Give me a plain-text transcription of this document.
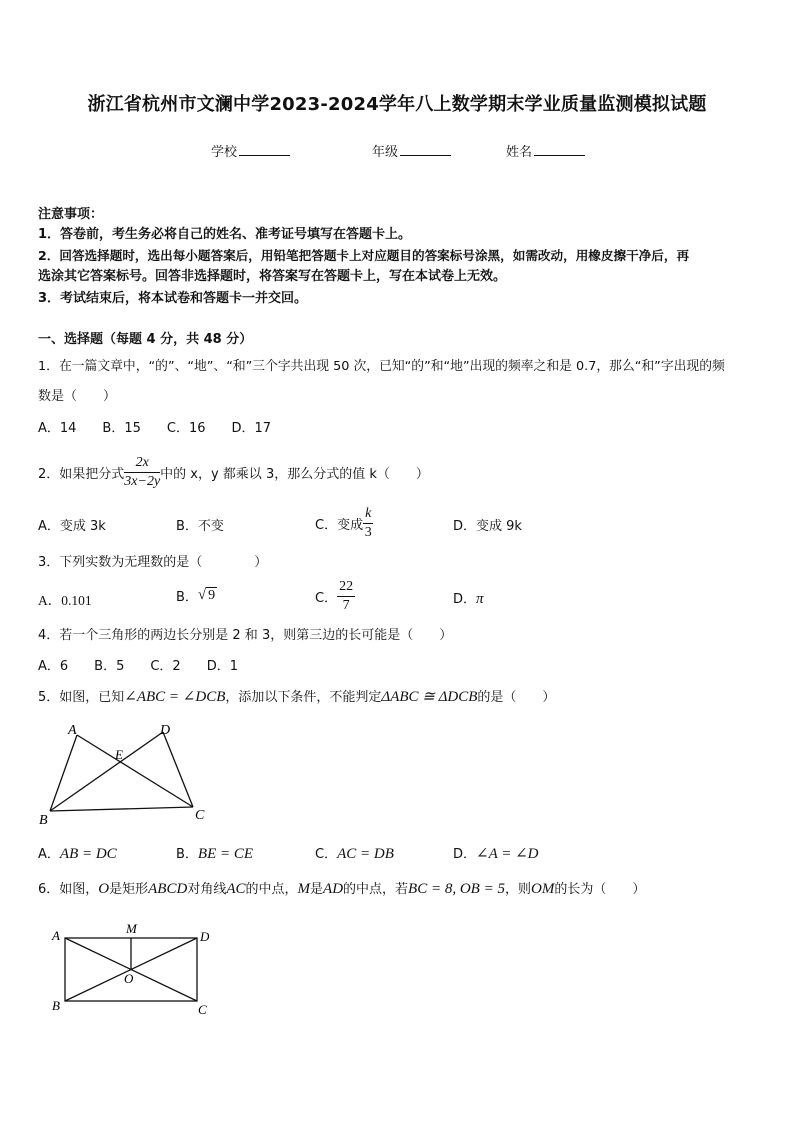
浙江省杭州市文澜中学2023-2024学年八上数学期末学业质量监测模拟试题
学校	年级	姓名
注意事项：
1．答卷前，考生务必将自己的姓名、准考证号填写在答题卡上。
2．回答选择题时，选出每小题答案后，用铅笔把答题卡上对应题目的答案标号涂黑，如需改动，用橡皮擦干净后，再
选涂其它答案标号。回答非选择题时，将答案写在答题卡上，写在本试卷上无效。
3．考试结束后，将本试卷和答题卡一并交回。
一、选择题（每题 4 分，共 48 分）
1．在一篇文章中，“的”、“地”、“和”三个字共出现 50 次，已知“的”和“地”出现的频率之和是 0.7，那么“和”字出现的频
数是（　　）
A．14　　B．15　　C．16　　D．17
2．如果把分式 $\frac{2x}{3x-2y}$ 中的 x，y 都乘以 3，那么分式的值 k（　　）
A．变成 3k	B．不变	C．变成 $\frac{k}{3}$	D．变成 9k
3．下列实数为无理数的是（　　　　）
A．0.101	B． √ 9	C． $\frac{22}{7}$	D．π
4．若一个三角形的两边长分别是 2 和 3，则第三边的长可能是（　　）
A．6　　B．5　　C．2　　D．1
5．如图，已知∠ABC = ∠DCB，添加以下条件，不能判定ΔABC ≅ ΔDCB的是（　　）
A	D
E
B	C
A．AB = DC	B．BE = CE	C．AC = DB	D．∠A = ∠D
6．如图，O是矩形ABCD对角线AC的中点，M是AD的中点，若BC = 8, OB = 5，则OM的长为（　　）
A	M
D
O
B	C
